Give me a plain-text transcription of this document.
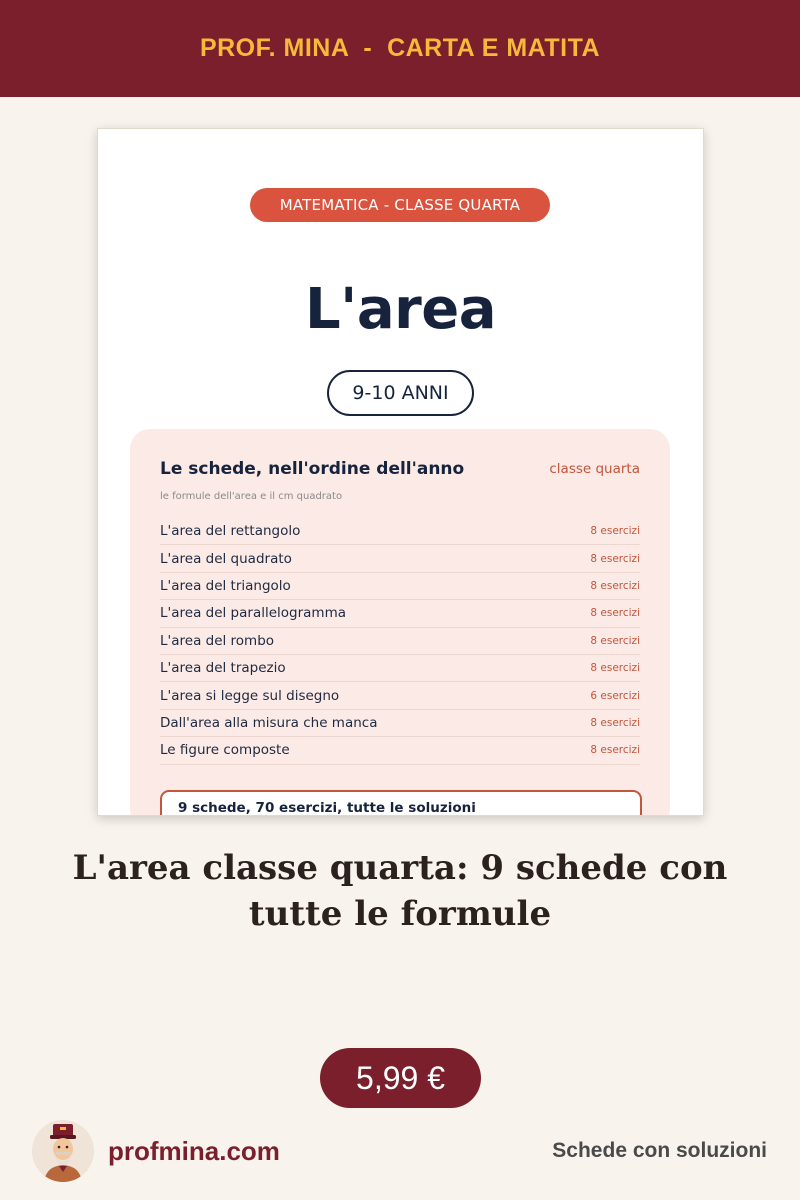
PROF. MINA  -  CARTA E MATITA
MATEMATICA - CLASSE QUARTA
L'area
9-10 ANNI
Le schede, nell'ordine dell'anno	classe quarta
le formule dell'area e il cm quadrato
L'area del rettangolo	8 esercizi
L'area del quadrato	8 esercizi
L'area del triangolo	8 esercizi
L'area del parallelogramma	8 esercizi
L'area del rombo	8 esercizi
L'area del trapezio	8 esercizi
L'area si legge sul disegno	6 esercizi
Dall'area alla misura che manca	8 esercizi
Le figure composte	8 esercizi
9 schede, 70 esercizi, tutte le soluzioni
L'area classe quarta: 9 schede con tutte le formule
5,99 €
profmina.com	Schede con soluzioni
